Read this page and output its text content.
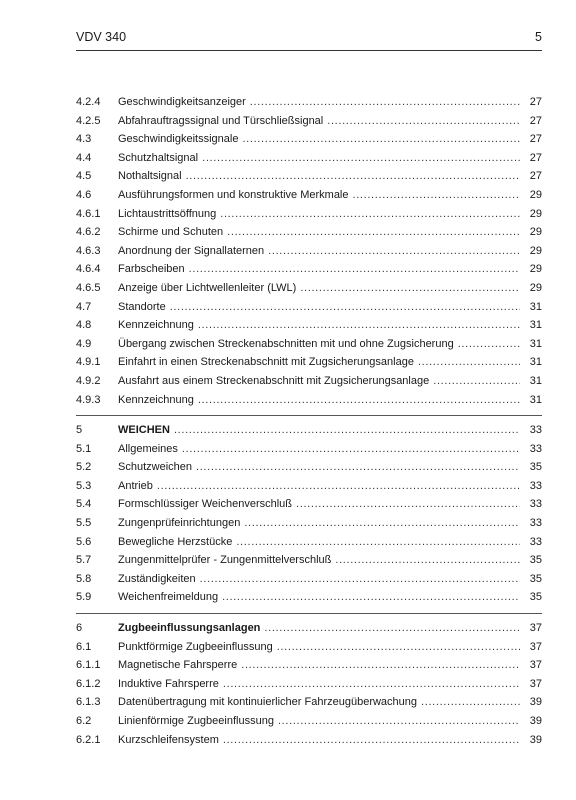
VDV 340	5
4.2.4	Geschwindigkeitsanzeiger . . .	27
4.2.5	Abfahrauftragssignal und Türschließsignal . . .	27
4.3	Geschwindigkeitssignale . . .	27
4.4	Schutzhaltsignal . . .	27
4.5	Nothaltsignal . . .	27
4.6	Ausführungsformen und konstruktive Merkmale . . .	29
4.6.1	Lichtaustrittsöffnung . . .	29
4.6.2	Schirme und Schuten . . .	29
4.6.3	Anordnung der Signallaternen . . .	29
4.6.4	Farbscheiben . . .	29
4.6.5	Anzeige über Lichtwellenleiter (LWL) . . .	29
4.7	Standorte . . .	31
4.8	Kennzeichnung . . .	31
4.9	Übergang zwischen Streckenabschnitten mit und ohne Zugsicherung . . .	31
4.9.1	Einfahrt in einen Streckenabschnitt mit Zugsicherungsanlage . . .	31
4.9.2	Ausfahrt aus einem Streckenabschnitt mit Zugsicherungsanlage . . .	31
4.9.3	Kennzeichnung . . .	31
5	WEICHEN . . .	33
5.1	Allgemeines . . .	33
5.2	Schutzweichen . . .	35
5.3	Antrieb . . .	33
5.4	Formschlüssiger Weichenverschluß . . .	33
5.5	Zungenprüfeinrichtungen . . .	33
5.6	Bewegliche Herzstücke . . .	33
5.7	Zungenmittelprüfer - Zungenmittelverschluß . . .	35
5.8	Zuständigkeiten . . .	35
5.9	Weichenfreimeldung . . .	35
6	Zugbeeinflussungsanlagen . . .	37
6.1	Punktförmige Zugbeeinflussung . . .	37
6.1.1	Magnetische Fahrsperre . . .	37
6.1.2	Induktive Fahrsperre . . .	37
6.1.3	Datenübertragung mit kontinuierlicher Fahrzeugüberwachung . . .	39
6.2	Linienförmige Zugbeeinflussung . . .	39
6.2.1	Kurzschleifensystem . . .	39
